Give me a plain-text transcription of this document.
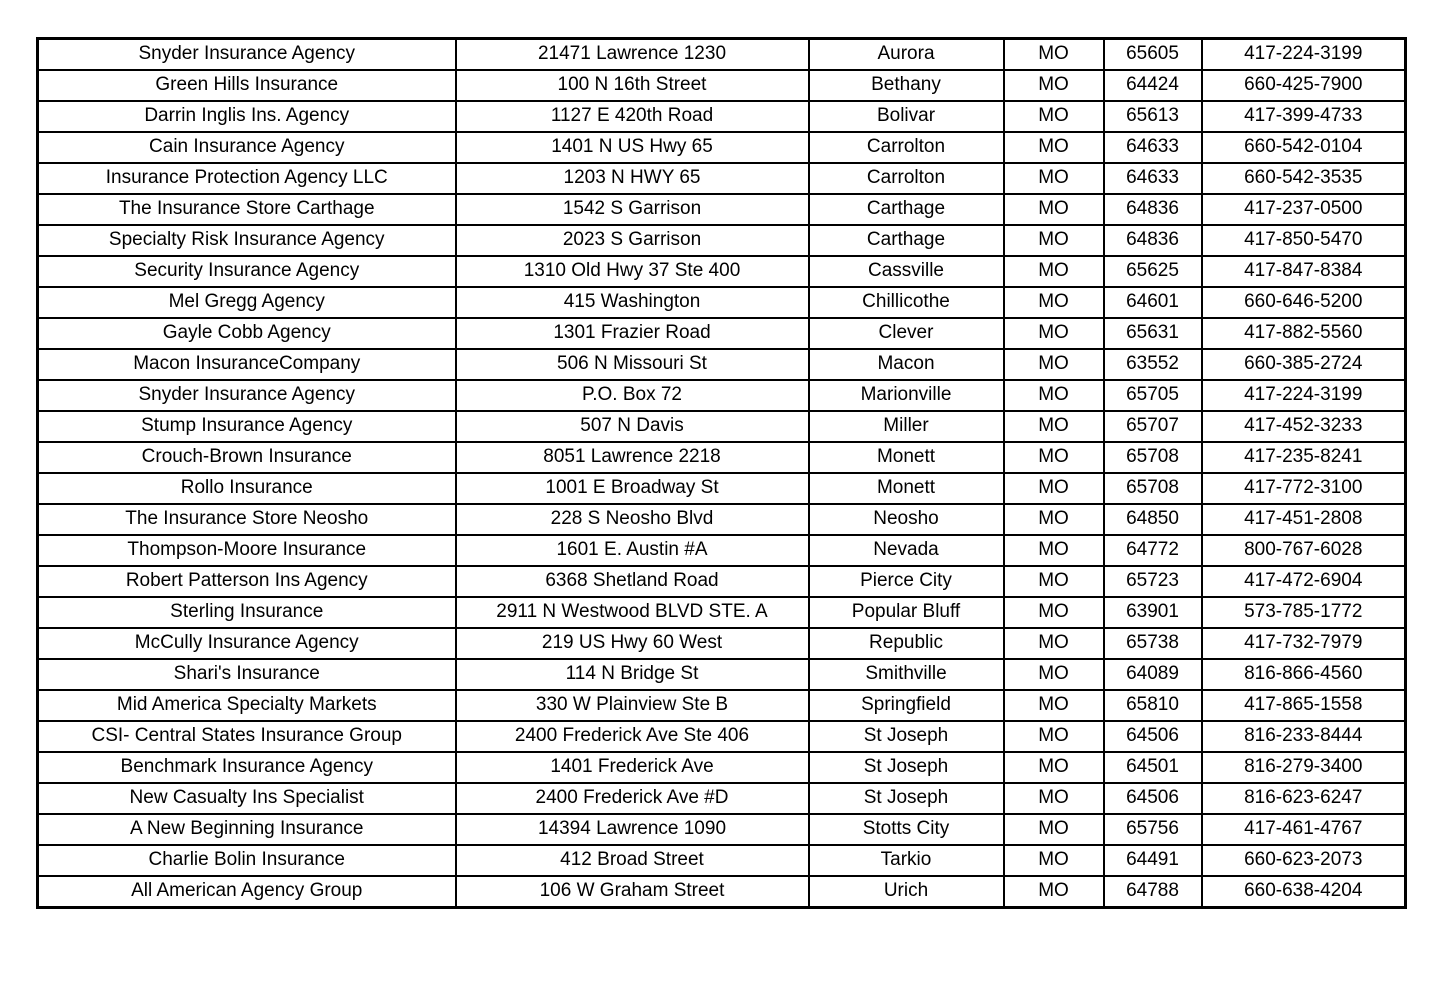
Snyder Insurance Agency	21471 Lawrence 1230	Aurora	MO	65605	417-224-3199
Green Hills Insurance	100 N 16th Street	Bethany	MO	64424	660-425-7900
Darrin Inglis Ins. Agency	1127 E 420th Road	Bolivar	MO	65613	417-399-4733
Cain Insurance Agency	1401 N US Hwy 65	Carrolton	MO	64633	660-542-0104
Insurance Protection Agency LLC	1203 N HWY 65	Carrolton	MO	64633	660-542-3535
The Insurance Store Carthage	1542 S Garrison	Carthage	MO	64836	417-237-0500
Specialty Risk Insurance Agency	2023 S Garrison	Carthage	MO	64836	417-850-5470
Security Insurance Agency	1310 Old Hwy 37 Ste 400	Cassville	MO	65625	417-847-8384
Mel Gregg Agency	415 Washington	Chillicothe	MO	64601	660-646-5200
Gayle Cobb Agency	1301 Frazier Road	Clever	MO	65631	417-882-5560
Macon InsuranceCompany	506 N Missouri St	Macon	MO	63552	660-385-2724
Snyder Insurance Agency	P.O. Box 72	Marionville	MO	65705	417-224-3199
Stump Insurance Agency	507 N Davis	Miller	MO	65707	417-452-3233
Crouch-Brown Insurance	8051 Lawrence 2218	Monett	MO	65708	417-235-8241
Rollo Insurance	1001 E Broadway St	Monett	MO	65708	417-772-3100
The Insurance Store Neosho	228 S Neosho Blvd	Neosho	MO	64850	417-451-2808
Thompson-Moore Insurance	1601 E. Austin #A	Nevada	MO	64772	800-767-6028
Robert Patterson Ins Agency	6368 Shetland Road	Pierce City	MO	65723	417-472-6904
Sterling Insurance	2911 N Westwood BLVD STE. A	Popular Bluff	MO	63901	573-785-1772
McCully Insurance Agency	219 US Hwy 60 West	Republic	MO	65738	417-732-7979
Shari's Insurance	114 N Bridge St	Smithville	MO	64089	816-866-4560
Mid America Specialty Markets	330 W Plainview Ste B	Springfield	MO	65810	417-865-1558
CSI- Central States Insurance Group	2400 Frederick Ave Ste 406	St Joseph	MO	64506	816-233-8444
Benchmark Insurance Agency	1401 Frederick Ave	St Joseph	MO	64501	816-279-3400
New Casualty Ins Specialist	2400 Frederick Ave #D	St Joseph	MO	64506	816-623-6247
A New Beginning Insurance	14394 Lawrence 1090	Stotts City	MO	65756	417-461-4767
Charlie Bolin Insurance	412 Broad Street	Tarkio	MO	64491	660-623-2073
All American Agency Group	106 W Graham Street	Urich	MO	64788	660-638-4204
